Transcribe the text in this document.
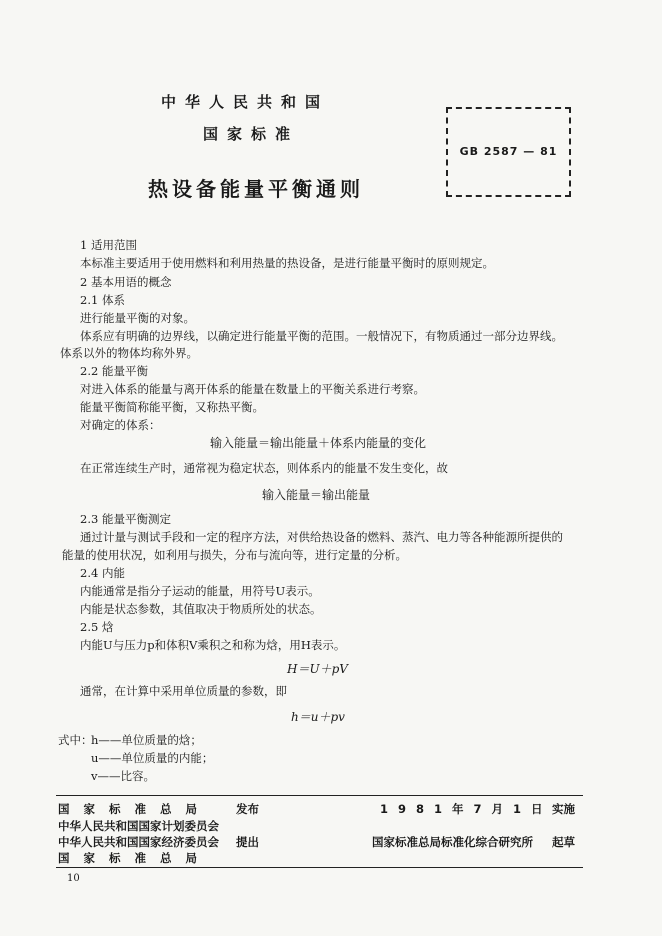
中华人民共和国
国家标准
热设备能量平衡通则
GB 2587 — 81
1 适用范围
本标准主要适用于使用燃料和利用热量的热设备，是进行能量平衡时的原则规定。
2 基本用语的概念
2.1 体系
进行能量平衡的对象。
体系应有明确的边界线，以确定进行能量平衡的范围。一般情况下，有物质通过一部分边界线。
体系以外的物体均称外界。
2.2 能量平衡
对进入体系的能量与离开体系的能量在数量上的平衡关系进行考察。
能量平衡简称能平衡，又称热平衡。
对确定的体系：
输入能量＝输出能量＋体系内能量的变化
在正常连续生产时，通常视为稳定状态，则体系内的能量不发生变化，故
输入能量＝输出能量
2.3 能量平衡测定
通过计量与测试手段和一定的程序方法，对供给热设备的燃料、蒸汽、电力等各种能源所提供的
能量的使用状况，如利用与损失，分布与流向等，进行定量的分析。
2.4 内能
内能通常是指分子运动的能量，用符号U表示。
内能是状态参数，其值取决于物质所处的状态。
2.5 焓
内能U与压力p和体积V乘积之和称为焓，用H表示。
H＝U＋pV
通常，在计算中采用单位质量的参数，即
h＝u＋pv
式中：
h——单位质量的焓；
u——单位质量的内能；
v——比容。
国家标准总局 发布	1981年7月1日 实施
中华人民共和国国家计划委员会
中华人民共和国国家经济委员会 提出	国家标准总局标准化综合研究所 起草
国家标准总局
10
